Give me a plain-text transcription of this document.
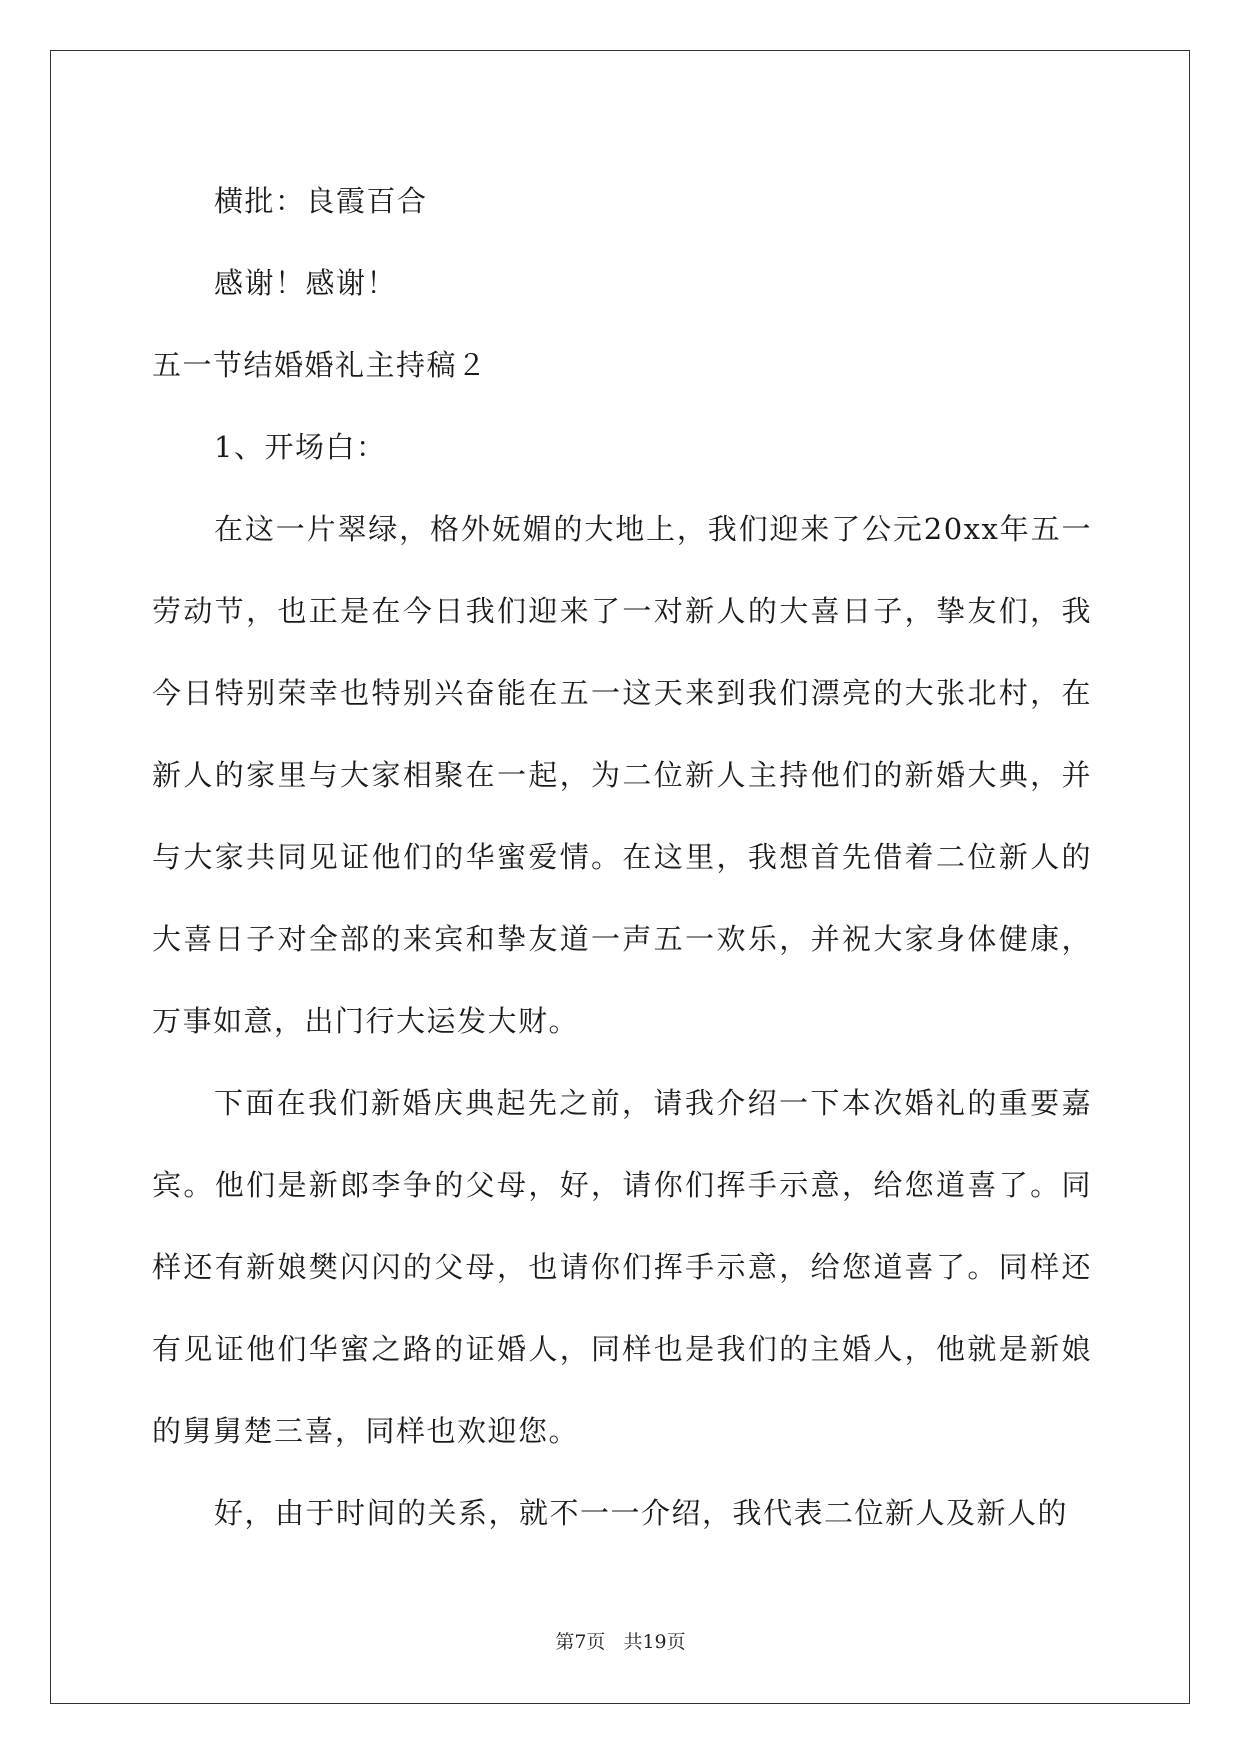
横批：良霞百合

感谢！感谢！

五一节结婚婚礼主持稿２

1、开场白：

在这一片翠绿，格外妩媚的大地上，我们迎来了公元20xx年五一劳动节，也正是在今日我们迎来了一对新人的大喜日子，挚友们，我今日特别荣幸也特别兴奋能在五一这天来到我们漂亮的大张北村，在新人的家里与大家相聚在一起，为二位新人主持他们的新婚大典，并与大家共同见证他们的华蜜爱情。在这里，我想首先借着二位新人的大喜日子对全部的来宾和挚友道一声五一欢乐，并祝大家身体健康，万事如意，出门行大运发大财。

下面在我们新婚庆典起先之前，请我介绍一下本次婚礼的重要嘉宾。他们是新郎李争的父母，好，请你们挥手示意，给您道喜了。同样还有新娘樊闪闪的父母，也请你们挥手示意，给您道喜了。同样还有见证他们华蜜之路的证婚人，同样也是我们的主婚人，他就是新娘的舅舅楚三喜，同样也欢迎您。

好，由于时间的关系，就不一一介绍，我代表二位新人及新人的

第7页 共19页
